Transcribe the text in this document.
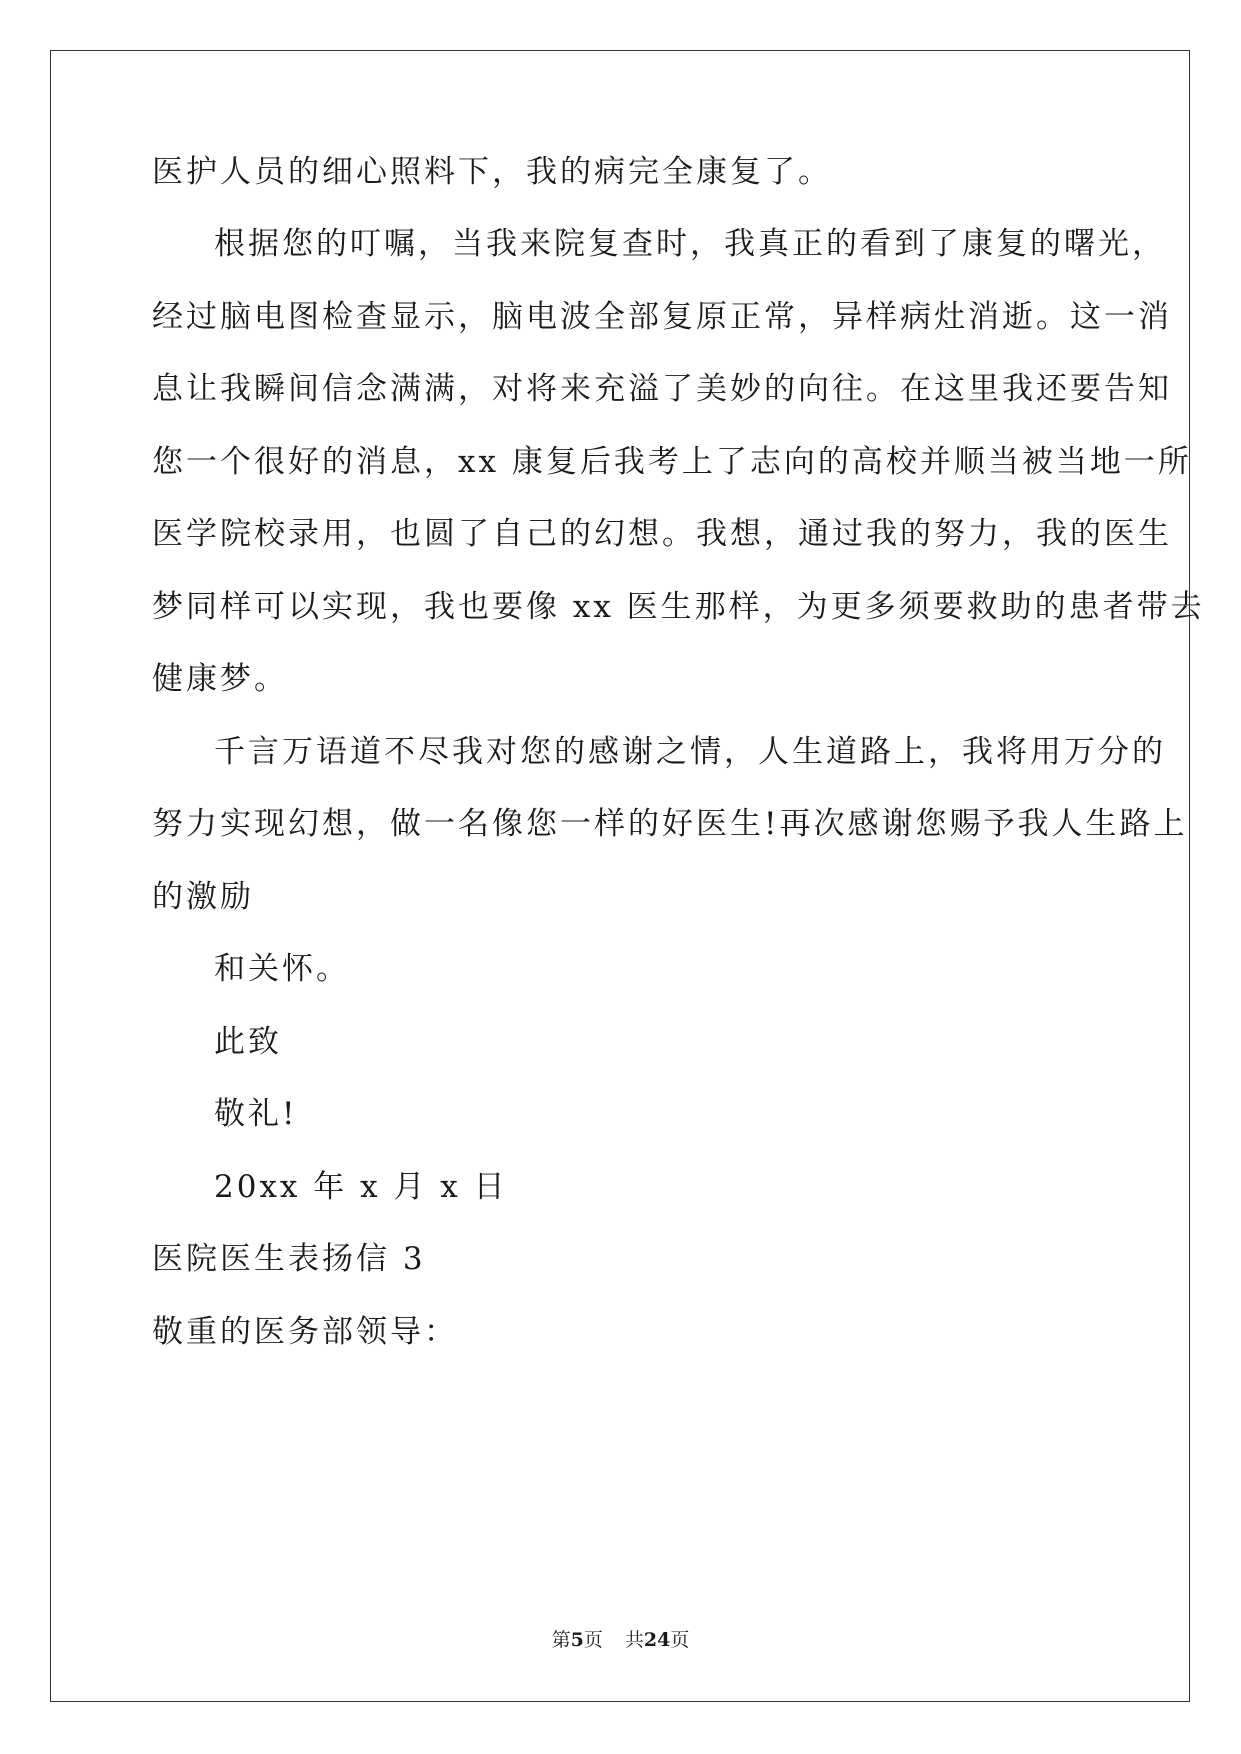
医护人员的细心照料下，我的病完全康复了。
根据您的叮嘱，当我来院复查时，我真正的看到了康复的曙光，
经过脑电图检查显示，脑电波全部复原正常，异样病灶消逝。这一消
息让我瞬间信念满满，对将来充溢了美妙的向往。在这里我还要告知
您一个很好的消息，xx 康复后我考上了志向的高校并顺当被当地一所
医学院校录用，也圆了自己的幻想。我想，通过我的努力，我的医生
梦同样可以实现，我也要像 xx 医生那样，为更多须要救助的患者带去
健康梦。
千言万语道不尽我对您的感谢之情，人生道路上，我将用万分的
努力实现幻想，做一名像您一样的好医生!再次感谢您赐予我人生路上
的激励
和关怀。
此致
敬礼!
20xx 年 x 月 x 日
医院医生表扬信 3
敬重的医务部领导：
第5页 共24页
